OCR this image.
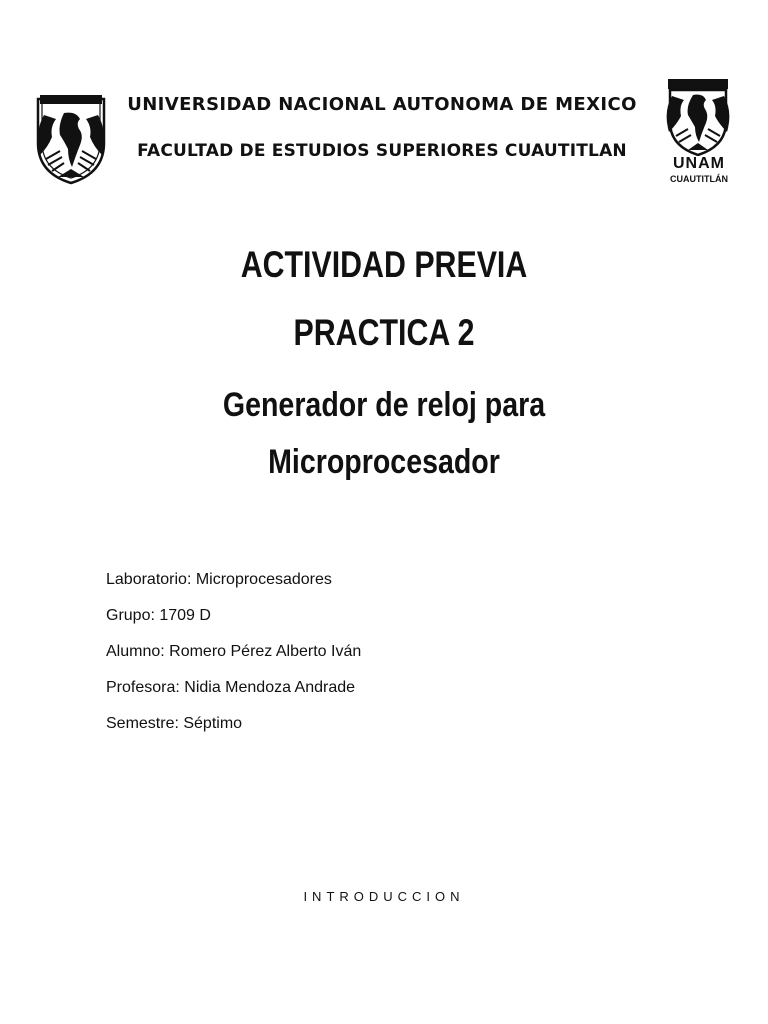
UNIVERSIDAD NACIONAL AUTONOMA DE MEXICO
FACULTAD DE ESTUDIOS SUPERIORES CUAUTITLAN
UNAM
CUAUTITLÁN
ACTIVIDAD PREVIA
PRACTICA 2
Generador de reloj para
Microprocesador
Laboratorio: Microprocesadores
Grupo: 1709 D
Alumno: Romero Pérez Alberto Iván
Profesora: Nidia Mendoza Andrade
Semestre: Séptimo
INTRODUCCION
